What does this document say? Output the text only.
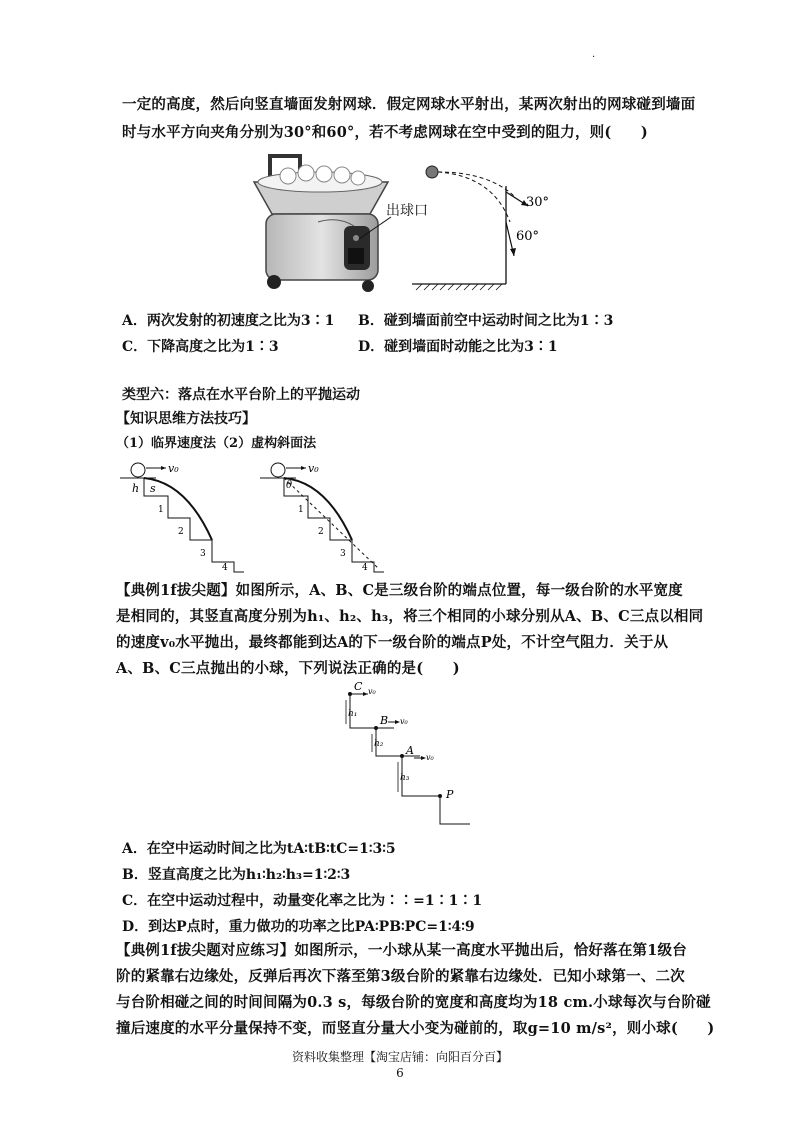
·
一定的高度，然后向竖直墙面发射网球．假定网球水平射出，某两次射出的网球碰到墙面
时与水平方向夹角分别为30°和60°，若不考虑网球在空中受到的阻力，则(　　)
出球口
30°
60°
A．两次发射的初速度之比为3∶1 B．碰到墙面前空中运动时间之比为1∶3
C．下降高度之比为1∶3	D．碰到墙面时动能之比为3∶1
类型六：落点在水平台阶上的平抛运动
【知识思维方法技巧】
（1）临界速度法（2）虚构斜面法
v₀
h s
1
2
3
4
v₀
θ
1
2
3
4
【典例1f拔尖题】如图所示，A、B、C是三级台阶的端点位置，每一级台阶的水平宽度
是相同的，其竖直高度分别为h₁、h₂、h₃，将三个相同的小球分别从A、B、C三点以相同
的速度v₀水平抛出，最终都能到达A的下一级台阶的端点P处，不计空气阻力．关于从
A、B、C三点抛出的小球，下列说法正确的是(　　)
C v₀
B v₀
A
v₀
P
h₁
h₂
h₃
A．在空中运动时间之比为tA∶tB∶tC=1∶3∶5
B．竖直高度之比为h₁∶h₂∶h₃=1∶2∶3
C．在空中运动过程中，动量变化率之比为∶∶=1∶1∶1
D．到达P点时，重力做功的功率之比PA∶PB∶PC=1∶4∶9
【典例1f拔尖题对应练习】如图所示，一小球从某一高度水平抛出后，恰好落在第1级台
阶的紧靠右边缘处，反弹后再次下落至第3级台阶的紧靠右边缘处．已知小球第一、二次
与台阶相碰之间的时间间隔为0.3 s，每级台阶的宽度和高度均为18 cm.小球每次与台阶碰
撞后速度的水平分量保持不变，而竖直分量大小变为碰前的，取g=10 m/s²，则小球(　　)
资料收集整理【淘宝店铺：向阳百分百】
6
